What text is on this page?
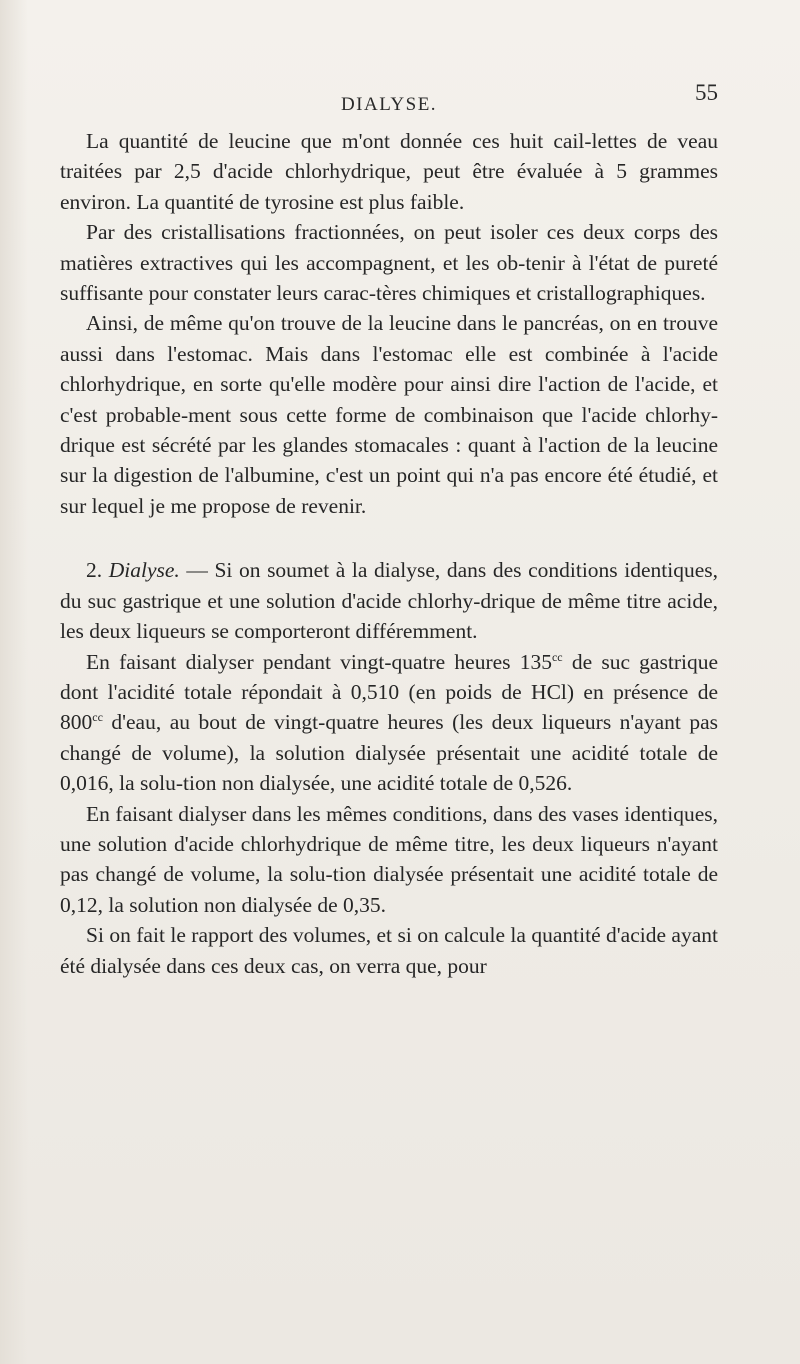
DIALYSE.	55

La quantité de leucine que m'ont donnée ces huit cail-lettes de veau traitées par 2,5 d'acide chlorhydrique, peut être évaluée à 5 grammes environ. La quantité de tyrosine est plus faible.

Par des cristallisations fractionnées, on peut isoler ces deux corps des matières extractives qui les accompagnent, et les ob-tenir à l'état de pureté suffisante pour constater leurs carac-tères chimiques et cristallographiques.

Ainsi, de même qu'on trouve de la leucine dans le pancréas, on en trouve aussi dans l'estomac. Mais dans l'estomac elle est combinée à l'acide chlorhydrique, en sorte qu'elle modère pour ainsi dire l'action de l'acide, et c'est probable-ment sous cette forme de combinaison que l'acide chlorhy-drique est sécrété par les glandes stomacales : quant à l'action de la leucine sur la digestion de l'albumine, c'est un point qui n'a pas encore été étudié, et sur lequel je me propose de revenir.

2. Dialyse. — Si on soumet à la dialyse, dans des conditions identiques, du suc gastrique et une solution d'acide chlorhy-drique de même titre acide, les deux liqueurs se comporteront différemment.

En faisant dialyser pendant vingt-quatre heures $135^{cc}$ de suc gastrique dont l'acidité totale répondait à 0,510 (en poids de HCl) en présence de $800^{cc}$ d'eau, au bout de vingt-quatre heures (les deux liqueurs n'ayant pas changé de volume), la solution dialysée présentait une acidité totale de 0,016, la solu-tion non dialysée, une acidité totale de 0,526.

En faisant dialyser dans les mêmes conditions, dans des vases identiques, une solution d'acide chlorhydrique de même titre, les deux liqueurs n'ayant pas changé de volume, la solu-tion dialysée présentait une acidité totale de 0,12, la solution non dialysée de 0,35.

Si on fait le rapport des volumes, et si on calcule la quantité d'acide ayant été dialysée dans ces deux cas, on verra que, pour
